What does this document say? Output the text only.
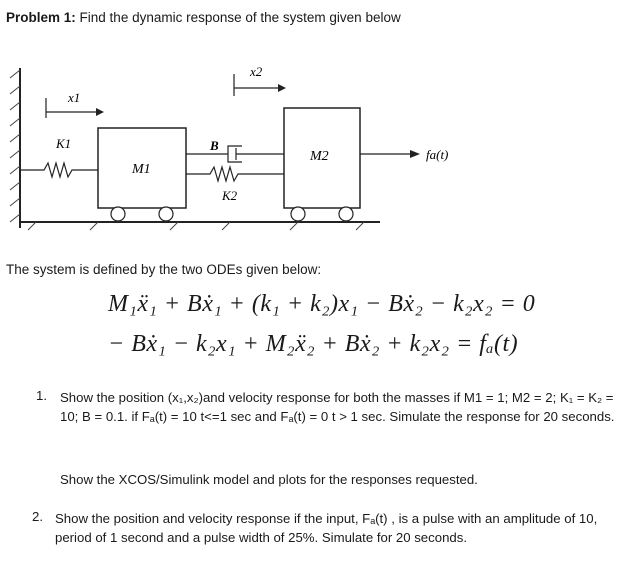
Problem 1: Find the dynamic response of the system given below
x1
x2
K1
M1
B
K2
M2	fa(t)
The system is defined by the two ODEs given below:
M₁ẍ₁ + Bẋ₁ + (k₁ + k₂)x₁ − Bẋ₂ − k₂x₂ = 0
− Bẋ₁ − k₂x₁ + M₂ẍ₂ + Bẋ₂ + k₂x₂ = fₐ(t)
1. Show the position (x₁,x₂)and velocity response for both the masses if M1 = 1; M2 = 2; K₁ = K₂ = 10; B = 0.1. if Fₐ(t) = 10 t<=1 sec and Fₐ(t) = 0 t > 1 sec. Simulate the response for 20 seconds.
Show the XCOS/Simulink model and plots for the responses requested.
2. Show the position and velocity response if the input, Fₐ(t) , is a pulse with an amplitude of 10, period of 1 second and a pulse width of 25%. Simulate for 20 seconds.
